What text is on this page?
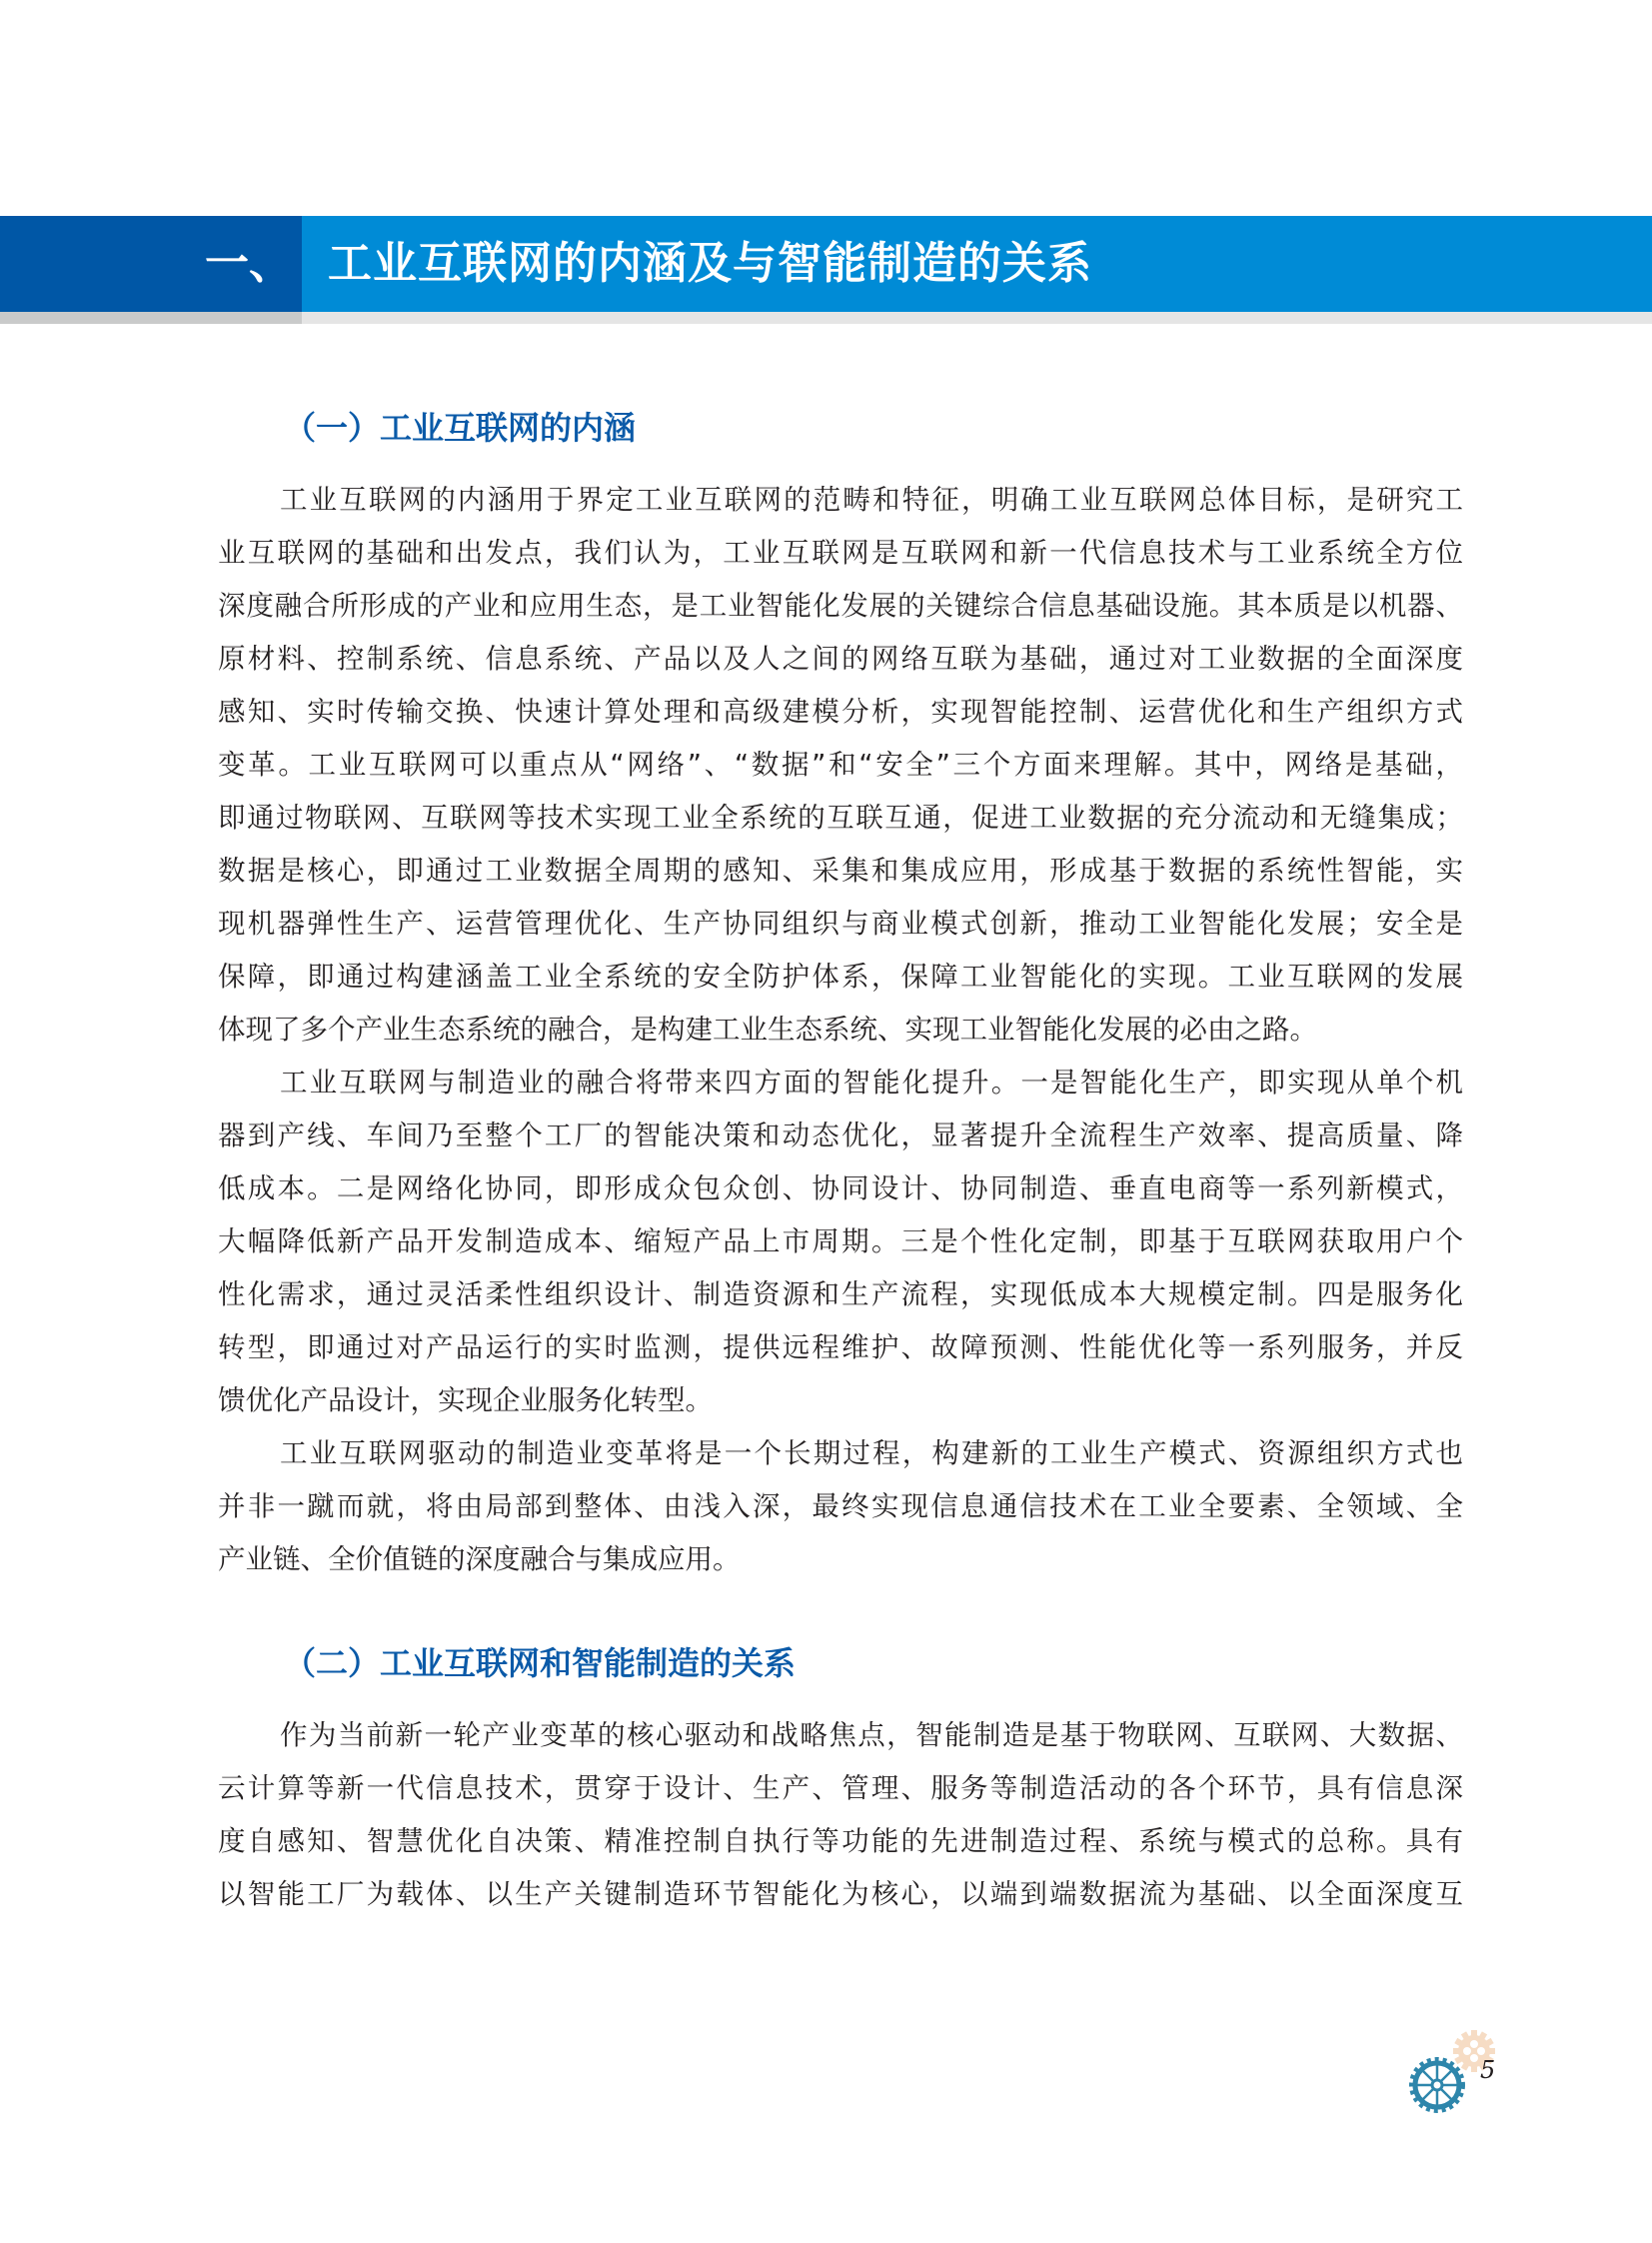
一、 工业互联网的内涵及与智能制造的关系
（一）工业互联网的内涵
工业互联网的内涵用于界定工业互联网的范畴和特征，明确工业互联网总体目标，是研究工
业互联网的基础和出发点，我们认为，工业互联网是互联网和新一代信息技术与工业系统全方位
深度融合所形成的产业和应用生态，是工业智能化发展的关键综合信息基础设施。其本质是以机器、
原材料、控制系统、信息系统、产品以及人之间的网络互联为基础，通过对工业数据的全面深度
感知、实时传输交换、快速计算处理和高级建模分析，实现智能控制、运营优化和生产组织方式
变革。工业互联网可以重点从“网络”、“数据”和“安全”三个方面来理解。其中，网络是基础，
即通过物联网、互联网等技术实现工业全系统的互联互通，促进工业数据的充分流动和无缝集成；
数据是核心，即通过工业数据全周期的感知、采集和集成应用，形成基于数据的系统性智能，实
现机器弹性生产、运营管理优化、生产协同组织与商业模式创新，推动工业智能化发展；安全是
保障，即通过构建涵盖工业全系统的安全防护体系，保障工业智能化的实现。工业互联网的发展
体现了多个产业生态系统的融合，是构建工业生态系统、实现工业智能化发展的必由之路。
工业互联网与制造业的融合将带来四方面的智能化提升。一是智能化生产，即实现从单个机
器到产线、车间乃至整个工厂的智能决策和动态优化，显著提升全流程生产效率、提高质量、降
低成本。二是网络化协同，即形成众包众创、协同设计、协同制造、垂直电商等一系列新模式，
大幅降低新产品开发制造成本、缩短产品上市周期。三是个性化定制，即基于互联网获取用户个
性化需求，通过灵活柔性组织设计、制造资源和生产流程，实现低成本大规模定制。四是服务化
转型，即通过对产品运行的实时监测，提供远程维护、故障预测、性能优化等一系列服务，并反
馈优化产品设计，实现企业服务化转型。
工业互联网驱动的制造业变革将是一个长期过程，构建新的工业生产模式、资源组织方式也
并非一蹴而就，将由局部到整体、由浅入深，最终实现信息通信技术在工业全要素、全领域、全
产业链、全价值链的深度融合与集成应用。
（二）工业互联网和智能制造的关系
作为当前新一轮产业变革的核心驱动和战略焦点，智能制造是基于物联网、互联网、大数据、
云计算等新一代信息技术，贯穿于设计、生产、管理、服务等制造活动的各个环节，具有信息深
度自感知、智慧优化自决策、精准控制自执行等功能的先进制造过程、系统与模式的总称。具有
以智能工厂为载体、以生产关键制造环节智能化为核心，以端到端数据流为基础、以全面深度互
5
